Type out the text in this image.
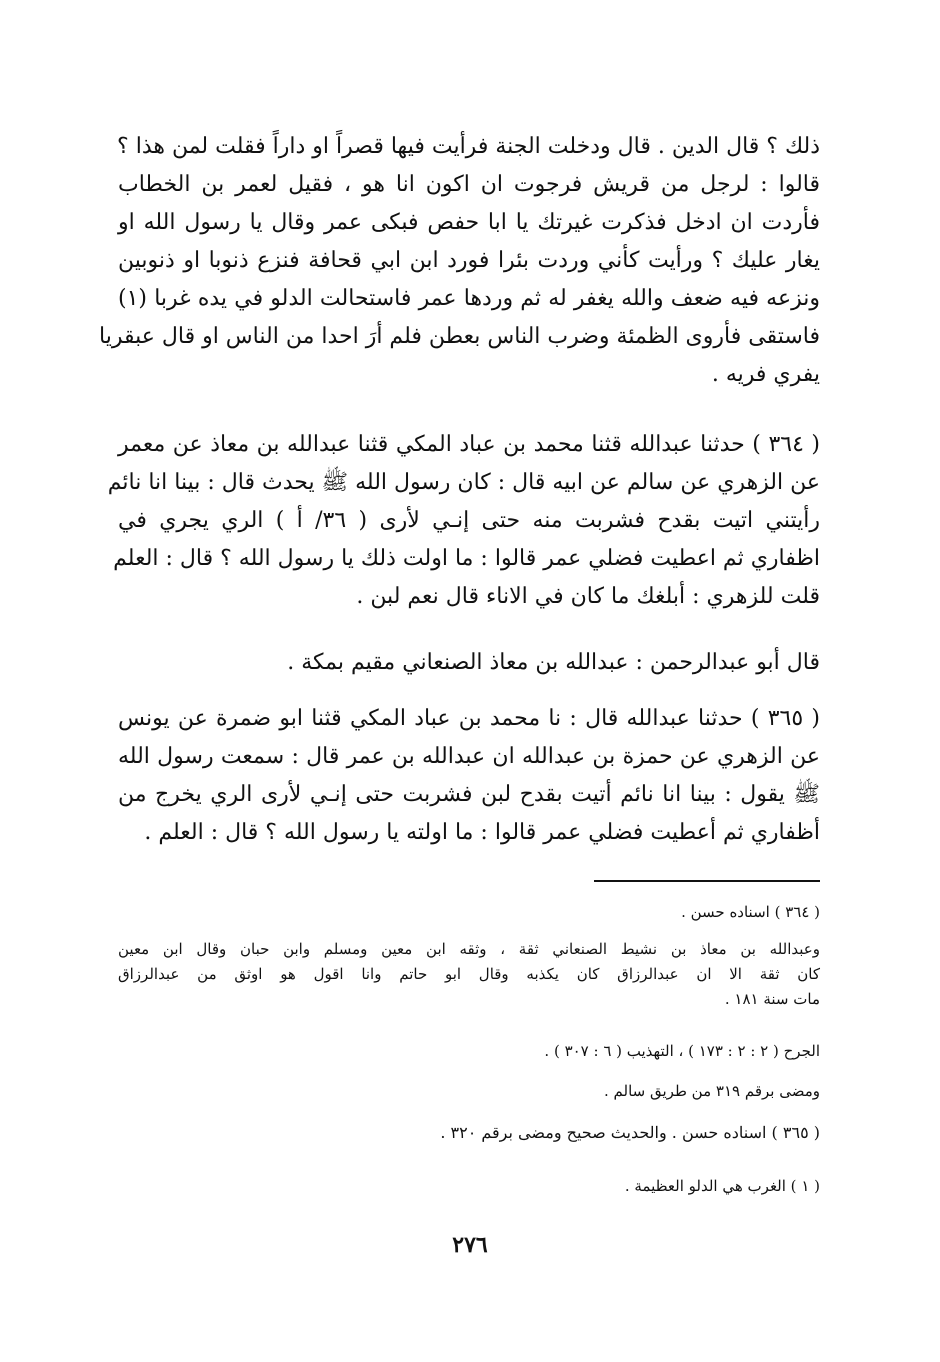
ذلك ؟ قال الدين . قال ودخلت الجنة فرأيت فيها قصراً او داراً فقلت لمن هذا ؟
قالوا : لرجل من قريش فرجوت ان اكون انا هو ، فقيل لعمر بن الخطاب
فأردت ان ادخل فذكرت غيرتك يا ابا حفص فبكى عمر وقال يا رسول الله او
يغار عليك ؟ ورأيت كأني وردت بئرا فورد ابن ابي قحافة فنزع ذنوبا او ذنوبين
ونزعه فيه ضعف والله يغفر له ثم وردها عمر فاستحالت الدلو في يده غربا (١)
فاستقى فأروى الظمئة وضرب الناس بعطن فلم أرَ احدا من الناس او قال عبقريا
يفري فريه .
( ٣٦٤ ) حدثنا عبدالله قثنا محمد بن عباد المكي قثنا عبدالله بن معاذ عن معمر
عن الزهري عن سالم عن ابيه قال : كان رسول الله ﷺ يحدث قال : بينا انا نائم
رأيتني اتيت بقدح فشربت منه حتى إنـي لأرى ( ٣٦/ أ ) الري يجري في
اظفاري ثم اعطيت فضلي عمر قالوا : ما اولت ذلك يا رسول الله ؟ قال : العلم
قلت للزهري : أبلغك ما كان في الاناء قال نعم لبن .
قال أبو عبدالرحمن : عبدالله بن معاذ الصنعاني مقيم بمكة .
( ٣٦٥ ) حدثنا عبدالله قال : نا محمد بن عباد المكي قثنا ابو ضمرة عن يونس
عن الزهري عن حمزة بن عبدالله ان عبدالله بن عمر قال : سمعت رسول الله
ﷺ يقول : بينا انا نائم أتيت بقدح لبن فشربت حتى إنـي لأرى الري يخرج من
أظفاري ثم أعطيت فضلي عمر قالوا : ما اولته يا رسول الله ؟ قال : العلم .
( ٣٦٤ ) اسناده حسن .
وعبدالله بن معاذ بن نشيط الصنعاني ثقة ، وثقه ابن معين ومسلم وابن حبان وقال ابن معين
كان ثقة الا ان عبدالرزاق كان يكذبه وقال ابو حاتم وانا اقول هو اوثق من عبدالرزاق
مات سنة ١٨١ .
الجرح ( ٢ : ٢ : ١٧٣ ) ، التهذيب ( ٦ : ٣٠٧ ) .
ومضى برقم ٣١٩ من طريق سالم .
( ٣٦٥ ) اسناده حسن . والحديث صحيح ومضى برقم ٣٢٠ .
( ١ ) الغرب هي الدلو العظيمة .
٢٧٦
